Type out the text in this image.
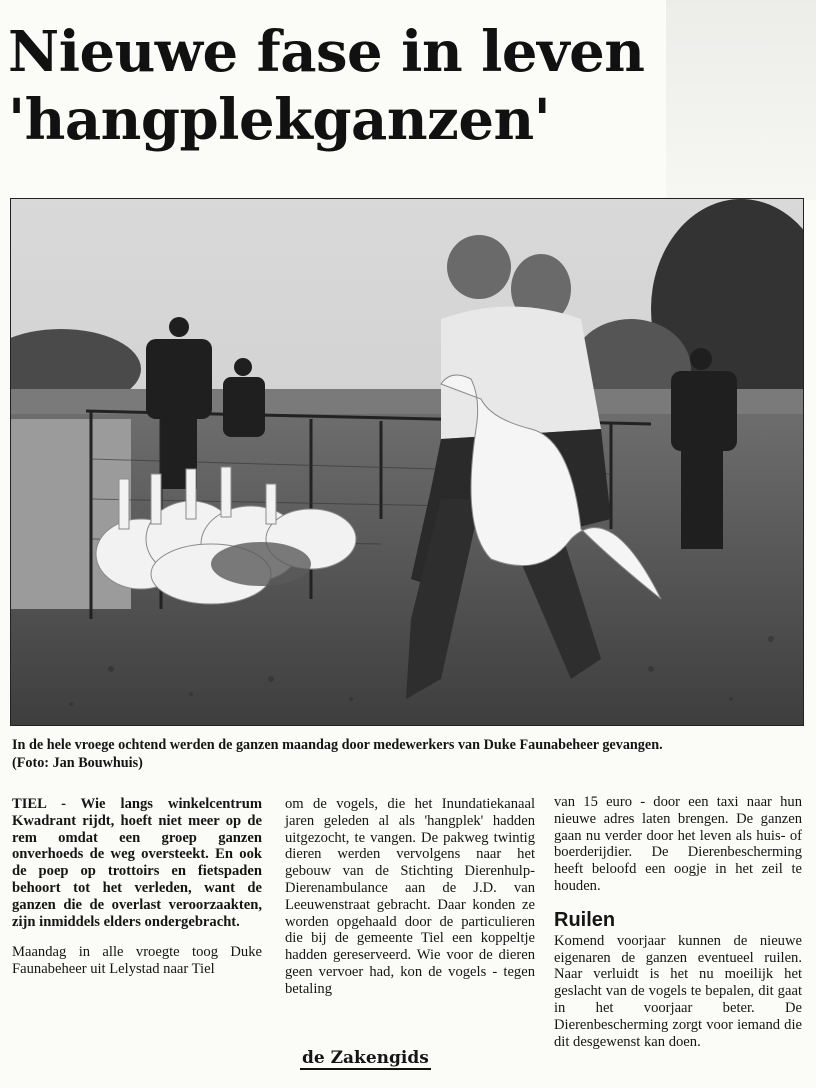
Nieuwe fase in leven
'hangplekganzen'

In de hele vroege ochtend werden de ganzen maandag door medewerkers van Duke Faunabeheer gevangen.

(Foto: Jan Bouwhuis)

TIEL - Wie langs winkelcentrum Kwadrant rijdt, hoeft niet meer op de rem omdat een groep ganzen onverhoeds de weg oversteekt. En ook de poep op trottoirs en fietspaden behoort tot het verleden, want de ganzen die de overlast veroorzaakten, zijn inmiddels elders ondergebracht.

Maandag in alle vroegte toog Duke Faunabeheer uit Lelystad naar Tiel

om de vogels, die het Inundatiekanaal jaren geleden al als 'hangplek' hadden uitgezocht, te vangen. De pakweg twintig dieren werden vervolgens naar het gebouw van de Stichting Dierenhulp-Dierenambulance aan de J.D. van Leeuwenstraat gebracht. Daar konden ze worden opgehaald door de particulieren die bij de gemeente Tiel een koppeltje hadden gereserveerd. Wie voor de dieren geen vervoer had, kon de vogels - tegen betaling

van 15 euro - door een taxi naar hun nieuwe adres laten brengen. De ganzen gaan nu verder door het leven als huis- of boerderijdier. De Dierenbescherming heeft beloofd een oogje in het zeil te houden.

Ruilen

Komend voorjaar kunnen de nieuwe eigenaren de ganzen eventueel ruilen. Naar verluidt is het nu moeilijk het geslacht van de vogels te bepalen, dit gaat in het voorjaar beter. De Dierenbescherming zorgt voor iemand die dit desgewenst kan doen.

de Zakengids
